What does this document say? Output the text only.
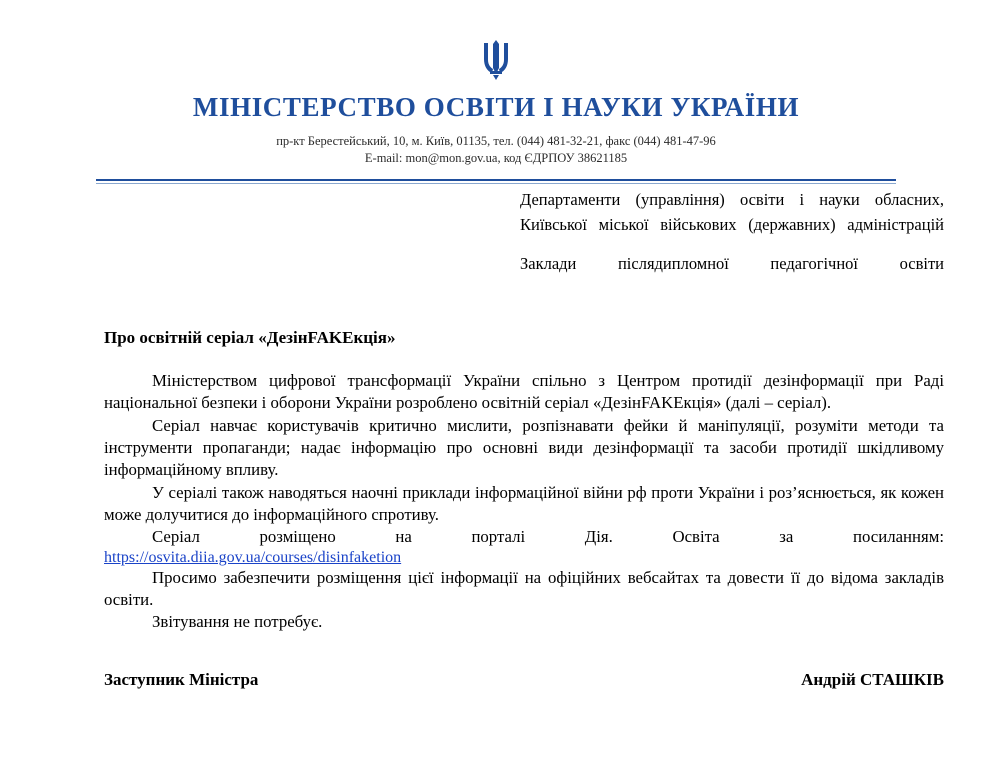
МІНІСТЕРСТВО ОСВІТИ І НАУКИ УКРАЇНИ
пр-кт Берестейський, 10, м. Київ, 01135, тел. (044) 481-32-21, факс (044) 481-47-96
E-mail: mon@mon.gov.ua, код ЄДРПОУ 38621185

Департаменти (управління) освіти і науки обласних, Київської міської військових (державних) адміністрацій

Заклади післядипломної педагогічної освіти

Про освітній серіал «ДезінFAKEкція»

Міністерством цифрової трансформації України спільно з Центром протидії дезінформації при Раді національної безпеки і оборони України розроблено освітній серіал «ДезінFAKEкція» (далі – серіал).

Серіал навчає користувачів критично мислити, розпізнавати фейки й маніпуляції, розуміти методи та інструменти пропаганди; надає інформацію про основні види дезінформації та засоби протидії шкідливому інформаційному впливу.

У серіалі також наводяться наочні приклади інформаційної війни рф проти України і роз’яснюється, як кожен може долучитися до інформаційного спротиву.

Серіал розміщено на порталі Дія. Освіта за посиланням:

https://osvita.diia.gov.ua/courses/disinfaketion

Просимо забезпечити розміщення цієї інформації на офіційних вебсайтах та довести її до відома закладів освіти.

Звітування не потребує.

Заступник Міністра	Андрій СТАШКІВ
